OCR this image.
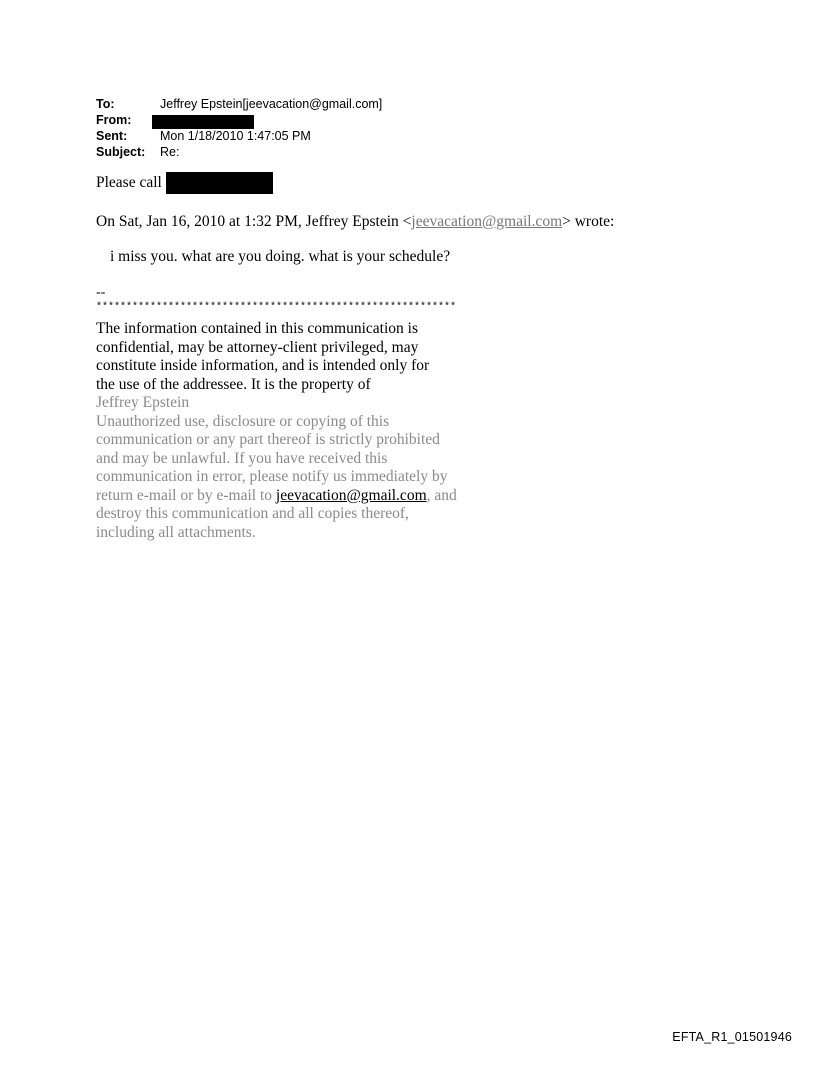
To:	Jeffrey Epstein[jeevacation@gmail.com]
From:
Sent:	Mon 1/18/2010 1:47:05 PM
Subject:	Re:
Please call
On Sat, Jan 16, 2010 at 1:32 PM, Jeffrey Epstein <jeevacation@gmail.com> wrote:
i miss you. what are you doing. what is your schedule?
--
************************************************************
The information contained in this communication is
confidential, may be attorney-client privileged, may
constitute inside information, and is intended only for
the use of the addressee. It is the property of
Jeffrey Epstein
Unauthorized use, disclosure or copying of this
communication or any part thereof is strictly prohibited
and may be unlawful. If you have received this
communication in error, please notify us immediately by
return e-mail or by e-mail to jeevacation@gmail.com, and
destroy this communication and all copies thereof,
including all attachments.
EFTA_R1_01501946
